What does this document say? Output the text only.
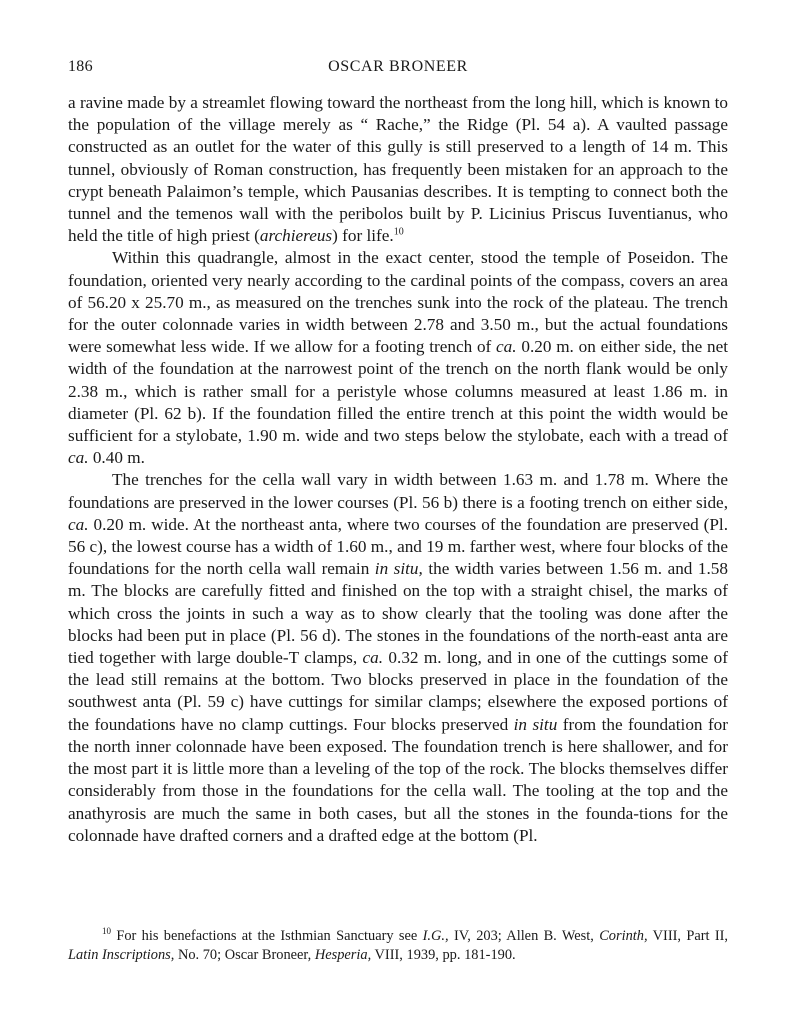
186	OSCAR BRONEER

a ravine made by a streamlet flowing toward the northeast from the long hill, which is known to the population of the village merely as “ Rache,” the Ridge (Pl. 54 a). A vaulted passage constructed as an outlet for the water of this gully is still preserved to a length of 14 m. This tunnel, obviously of Roman construction, has frequently been mistaken for an approach to the crypt beneath Palaimon’s temple, which Pausanias describes. It is tempting to connect both the tunnel and the temenos wall with the peribolos built by P. Licinius Priscus Iuventianus, who held the title of high priest (archiereus) for life.$^{10}$

Within this quadrangle, almost in the exact center, stood the temple of Poseidon. The foundation, oriented very nearly according to the cardinal points of the compass, covers an area of 56.20 x 25.70 m., as measured on the trenches sunk into the rock of the plateau. The trench for the outer colonnade varies in width between 2.78 and 3.50 m., but the actual foundations were somewhat less wide. If we allow for a footing trench of ca. 0.20 m. on either side, the net width of the foundation at the narrowest point of the trench on the north flank would be only 2.38 m., which is rather small for a peristyle whose columns measured at least 1.86 m. in diameter (Pl. 62 b). If the foundation filled the entire trench at this point the width would be sufficient for a stylobate, 1.90 m. wide and two steps below the stylobate, each with a tread of ca. 0.40 m.

The trenches for the cella wall vary in width between 1.63 m. and 1.78 m. Where the foundations are preserved in the lower courses (Pl. 56 b) there is a footing trench on either side, ca. 0.20 m. wide. At the northeast anta, where two courses of the foundation are preserved (Pl. 56 c), the lowest course has a width of 1.60 m., and 19 m. farther west, where four blocks of the foundations for the north cella wall remain in situ, the width varies between 1.56 m. and 1.58 m. The blocks are carefully fitted and finished on the top with a straight chisel, the marks of which cross the joints in such a way as to show clearly that the tooling was done after the blocks had been put in place (Pl. 56 d). The stones in the foundations of the north-east anta are tied together with large double-T clamps, ca. 0.32 m. long, and in one of the cuttings some of the lead still remains at the bottom. Two blocks preserved in place in the foundation of the southwest anta (Pl. 59 c) have cuttings for similar clamps; elsewhere the exposed portions of the foundations have no clamp cuttings. Four blocks preserved in situ from the foundation for the north inner colonnade have been exposed. The foundation trench is here shallower, and for the most part it is little more than a leveling of the top of the rock. The blocks themselves differ considerably from those in the foundations for the cella wall. The tooling at the top and the anathyrosis are much the same in both cases, but all the stones in the founda-tions for the colonnade have drafted corners and a drafted edge at the bottom (Pl.

$^{10}$ For his benefactions at the Isthmian Sanctuary see I.G., IV, 203; Allen B. West, Corinth, VIII, Part II, Latin Inscriptions, No. 70; Oscar Broneer, Hesperia, VIII, 1939, pp. 181-190.
